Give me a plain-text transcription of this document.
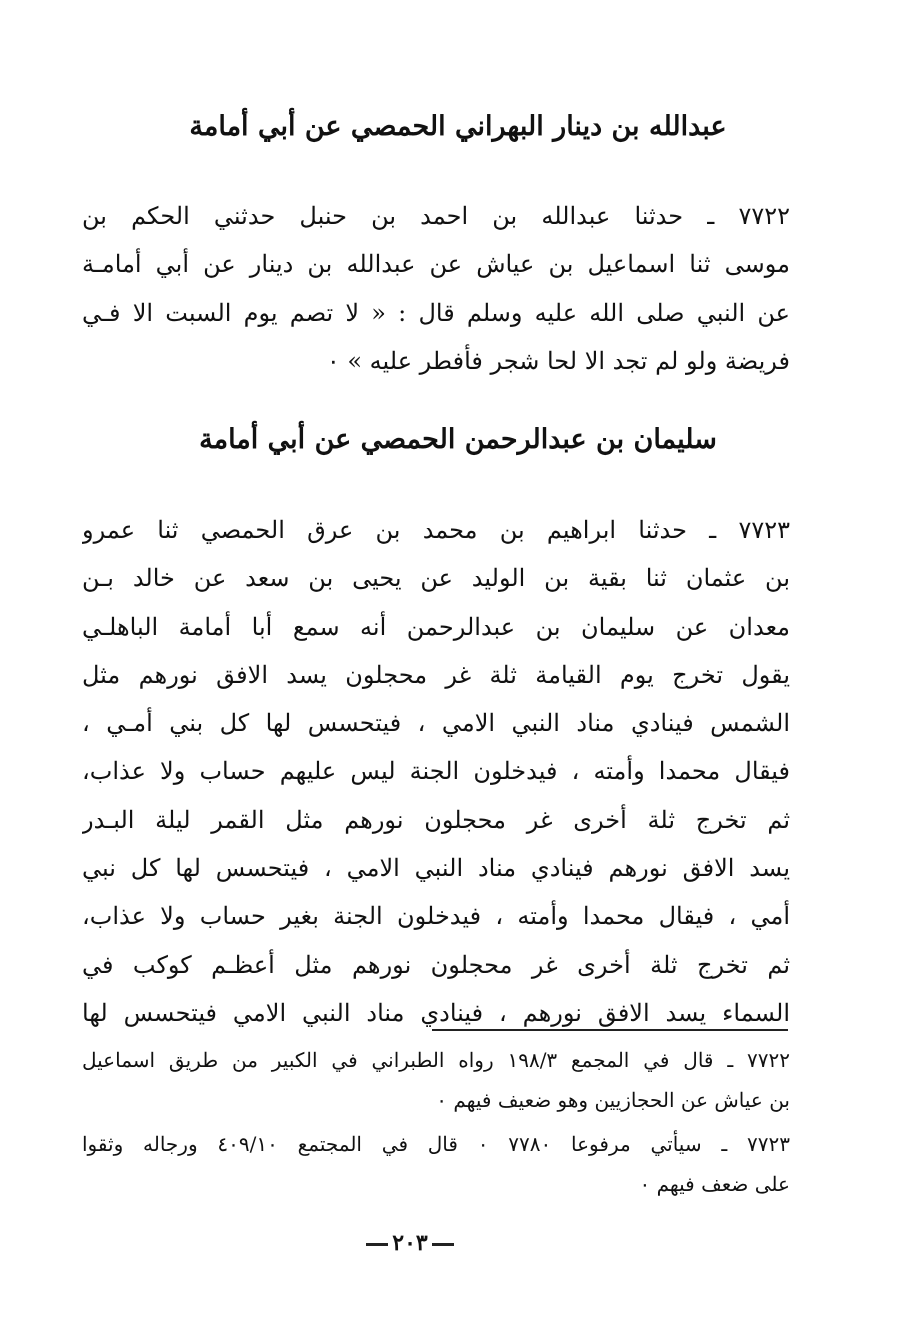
عبدالله بن دينار البهراني الحمصي عن أبي أمامة
٧٧٢٢ ـ حدثنا عبدالله بن احمد بن حنبل حدثني الحكم بن
موسى ثنا اسماعيل بن عياش عن عبدالله بن دينار عن أبي أمامـة
عن النبي صلى الله عليه وسلم قال : « لا تصم يوم السبت الا فـي
فريضة ولو لم تجد الا لحا شجر فأفطر عليه » ٠
سليمان بن عبدالرحمن الحمصي عن أبي أمامة
٧٧٢٣ ـ حدثنا ابراهيم بن محمد بن عرق الحمصي ثنا عمرو
بن عثمان ثنا بقية بن الوليد عن يحيى بن سعد عن خالد بـن
معدان عن سليمان بن عبدالرحمن أنه سمع أبا أمامة الباهلـي
يقول تخرج يوم القيامة ثلة غر محجلون يسد الافق نورهم مثل
الشمس فينادي مناد النبي الامي ، فيتحسس لها كل بني أمـي ،
فيقال محمدا وأمته ، فيدخلون الجنة ليس عليهم حساب ولا عذاب،
ثم تخرج ثلة أخرى غر محجلون نورهم مثل القمر ليلة البـدر
يسد الافق نورهم فينادي مناد النبي الامي ، فيتحسس لها كل نبي
أمي ، فيقال محمدا وأمته ، فيدخلون الجنة بغير حساب ولا عذاب،
ثم تخرج ثلة أخرى غر محجلون نورهم مثل أعظـم كوكب في
السماء يسد الافق نورهم ، فينادي مناد النبي الامي فيتحسس لها
٧٧٢٢ ـ قال في المجمع ١٩٨/٣ رواه الطبراني في الكبير من طريق اسماعيل
بن عياش عن الحجازيين وهو ضعيف فيهم ٠
٧٧٢٣ ـ سيأتي مرفوعا ٧٧٨٠ ٠ قال في المجتمع ٤٠٩/١٠ ورجاله وثقوا
على ضعف فيهم ٠
٢٠٣
